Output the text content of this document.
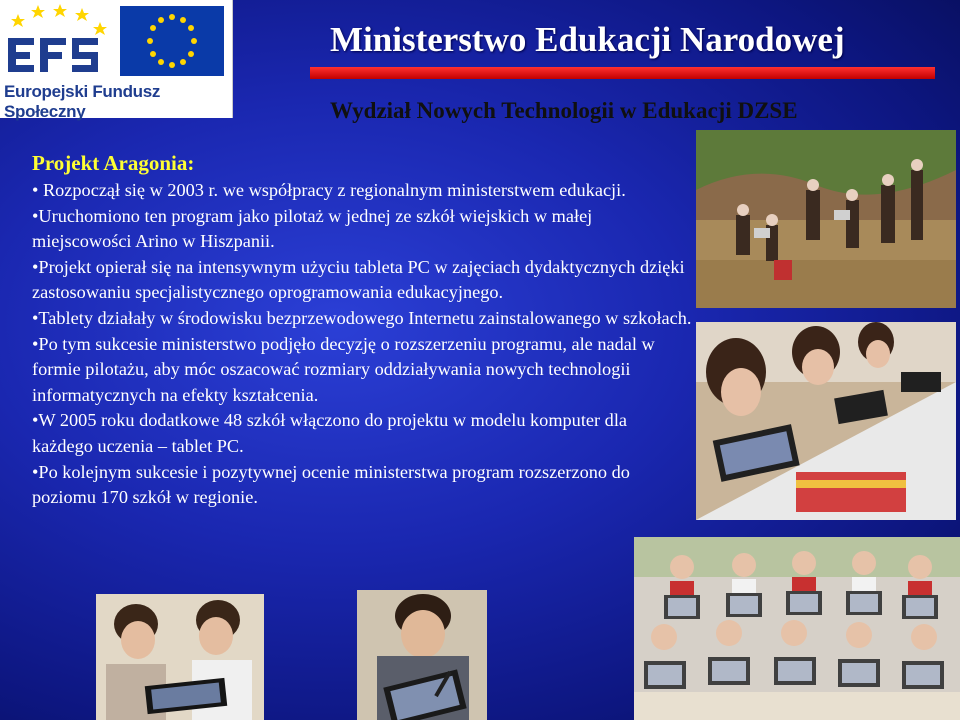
Europejski Fundusz Społeczny
Ministerstwo Edukacji Narodowej
Wydział Nowych Technologii w Edukacji DZSE
Projekt Aragonia:

• Rozpoczął się w 2003 r. we współpracy z regionalnym ministerstwem edukacji.

•Uruchomiono ten program jako pilotaż w jednej ze szkół wiejskich w małej miejscowości Arino w Hiszpanii.

•Projekt opierał się na intensywnym użyciu tableta PC w zajęciach dydaktycznych dzięki zastosowaniu specjalistycznego oprogramowania edukacyjnego.

•Tablety działały w środowisku bezprzewodowego Internetu zainstalowanego w szkołach.

•Po tym sukcesie ministerstwo podjęło decyzję o rozszerzeniu programu, ale nadal w formie pilotażu, aby móc oszacować rozmiary oddziaływania nowych technologii informatycznych na efekty kształcenia.

•W 2005 roku dodatkowe 48 szkół włączono do projektu w modelu komputer dla każdego uczenia – tablet PC.

•Po kolejnym sukcesie i pozytywnej ocenie ministerstwa program rozszerzono do poziomu 170 szkół w regionie.
